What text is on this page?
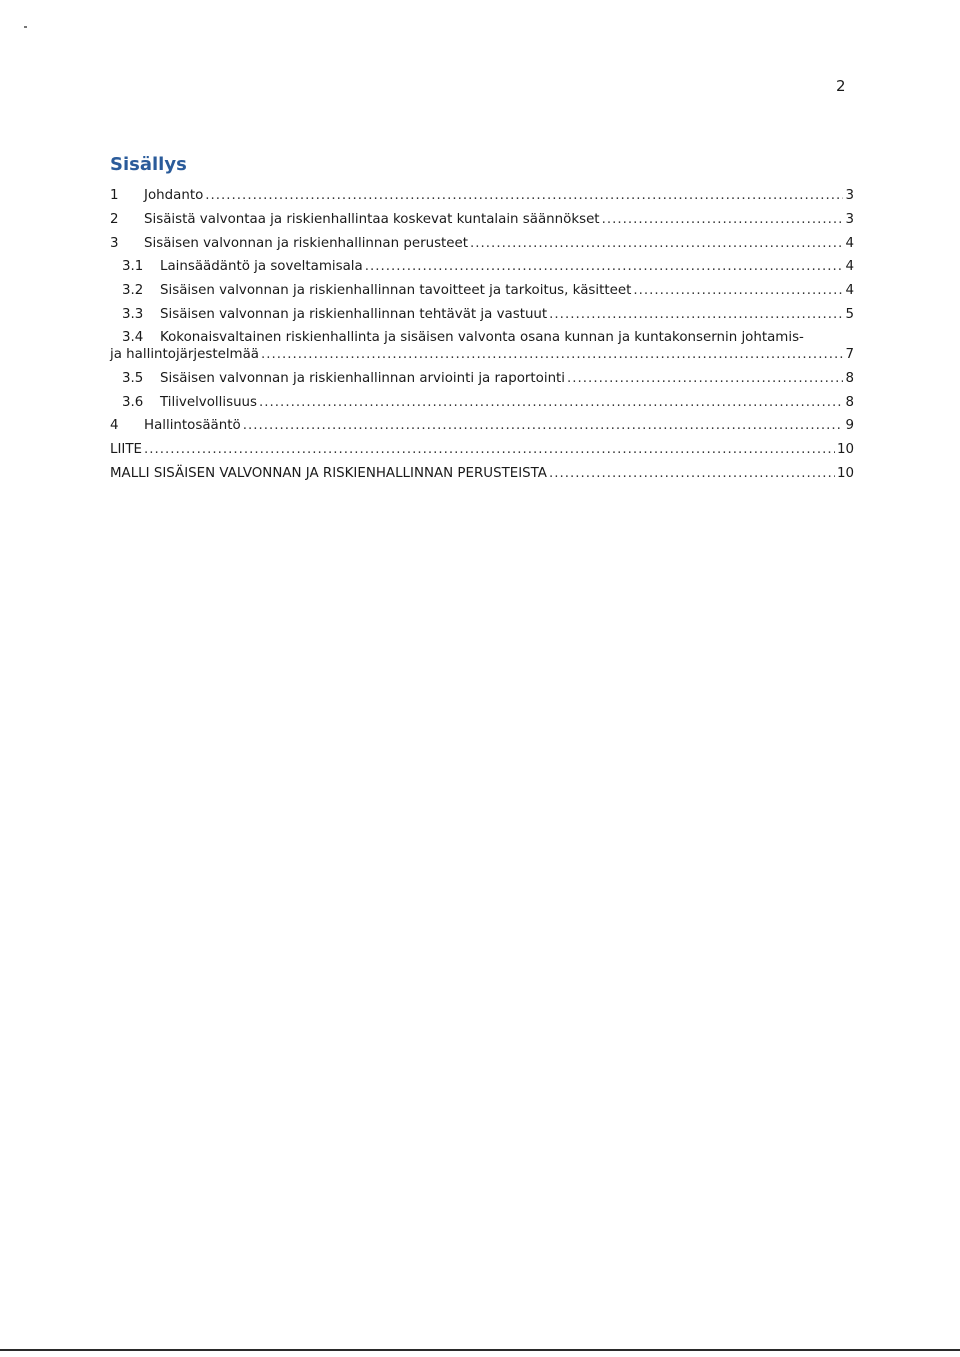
2
Sisällys
1	Johdanto .....	3
2	Sisäistä valvontaa ja riskienhallintaa koskevat kuntalain säännökset .....	3
3	Sisäisen valvonnan ja riskienhallinnan perusteet .....	4
3.1	Lainsäädäntö ja soveltamisala .....	4
3.2	Sisäisen valvonnan ja riskienhallinnan tavoitteet ja tarkoitus, käsitteet .....	4
3.3	Sisäisen valvonnan ja riskienhallinnan tehtävät ja vastuut .....	5
3.4 Kokonaisvaltainen riskienhallinta ja sisäisen valvonta osana kunnan ja kuntakonsernin johtamis-
ja hallintojärjestelmää .....	7
3.5	Sisäisen valvonnan ja riskienhallinnan arviointi ja raportointi .....	8
3.6	Tilivelvollisuus .....	8
4	Hallintosääntö .....	9
LIITE .....	10
MALLI SISÄISEN VALVONNAN JA RISKIENHALLINNAN PERUSTEISTA .....	10
